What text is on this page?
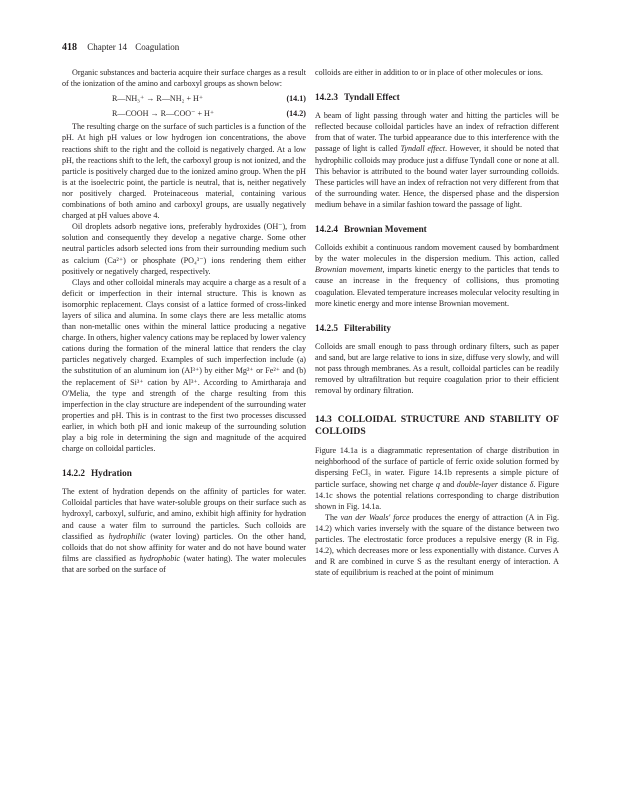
418 Chapter 14 Coagulation

Organic substances and bacteria acquire their surface charges as a result of the ionization of the amino and carboxyl groups as shown below:

R—NH₃⁺ → R—NH₂ + H⁺	(14.1)
R—COOH → R—COO⁻ + H⁺	(14.2)

The resulting charge on the surface of such particles is a function of the pH. At high pH values or low hydrogen ion concentrations, the above reactions shift to the right and the colloid is negatively charged. At a low pH, the reactions shift to the left, the carboxyl group is not ionized, and the particle is positively charged due to the ionized amino group. When the pH is at the isoelectric point, the particle is neutral, that is, neither negatively nor positively charged. Proteinaceous material, containing various combinations of both amino and carboxyl groups, are usually negatively charged at pH values above 4.

Oil droplets adsorb negative ions, preferably hydroxides (OH⁻), from solution and consequently they develop a negative charge. Some other neutral particles adsorb selected ions from their surrounding medium such as calcium (Ca²⁺) or phosphate (PO₄³⁻) ions rendering them either positively or negatively charged, respectively.

Clays and other colloidal minerals may acquire a charge as a result of a deficit or imperfection in their internal structure. This is known as isomorphic replacement. Clays consist of a lattice formed of cross-linked layers of silica and alumina. In some clays there are less metallic atoms than non-metallic ones within the mineral lattice producing a negative charge. In others, higher valency cations may be replaced by lower valency cations during the formation of the mineral lattice that renders the clay particles negatively charged. Examples of such imperfection include (a) the substitution of an aluminum ion (Al³⁺) by either Mg²⁺ or Fe²⁺ and (b) the replacement of Si³⁺ cation by Al³⁺. According to Amirtharaja and O'Melia, the type and strength of the charge resulting from this imperfection in the clay structure are independent of the surrounding water properties and pH. This is in contrast to the first two processes discussed earlier, in which both pH and ionic makeup of the surrounding solution play a big role in determining the sign and magnitude of the acquired charge on colloidal particles.

14.2.2 Hydration

The extent of hydration depends on the affinity of particles for water. Colloidal particles that have water-soluble groups on their surface such as hydroxyl, carboxyl, sulfuric, and amino, exhibit high affinity for hydration and cause a water film to surround the particles. Such colloids are classified as hydrophilic (water loving) particles. On the other hand, colloids that do not show affinity for water and do not have bound water films are classified as hydrophobic (water hating). The water molecules that are sorbed on the surface of

colloids are either in addition to or in place of other molecules or ions.

14.2.3 Tyndall Effect

A beam of light passing through water and hitting the particles will be reflected because colloidal particles have an index of refraction different from that of water. The turbid appearance due to this interference with the passage of light is called Tyndall effect. However, it should be noted that hydrophilic colloids may produce just a diffuse Tyndall cone or none at all. This behavior is attributed to the bound water layer surrounding colloids. These particles will have an index of refraction not very different from that of the surrounding water. Hence, the dispersed phase and the dispersion medium behave in a similar fashion toward the passage of light.

14.2.4 Brownian Movement

Colloids exhibit a continuous random movement caused by bombardment by the water molecules in the dispersion medium. This action, called Brownian movement, imparts kinetic energy to the particles that tends to cause an increase in the frequency of collisions, thus promoting coagulation. Elevated temperature increases molecular velocity resulting in more kinetic energy and more intense Brownian movement.

14.2.5 Filterability

Colloids are small enough to pass through ordinary filters, such as paper and sand, but are large relative to ions in size, diffuse very slowly, and will not pass through membranes. As a result, colloidal particles can be readily removed by ultrafiltration but require coagulation prior to their efficient removal by ordinary filtration.

14.3 COLLOIDAL STRUCTURE AND STABILITY OF COLLOIDS

Figure 14.1a is a diagrammatic representation of charge distribution in neighborhood of the surface of particle of ferric oxide solution formed by dispersing FeCl₃ in water. Figure 14.1b represents a simple picture of particle surface, showing net charge q and double-layer distance δ. Figure 14.1c shows the potential relations corresponding to charge distribution shown in Fig. 14.1a.

The van der Waals' force produces the energy of attraction (A in Fig. 14.2) which varies inversely with the square of the distance between two particles. The electrostatic force produces a repulsive energy (R in Fig. 14.2), which decreases more or less exponentially with distance. Curves A and R are combined in curve S as the resultant energy of interaction. A state of equilibrium is reached at the point of minimum
